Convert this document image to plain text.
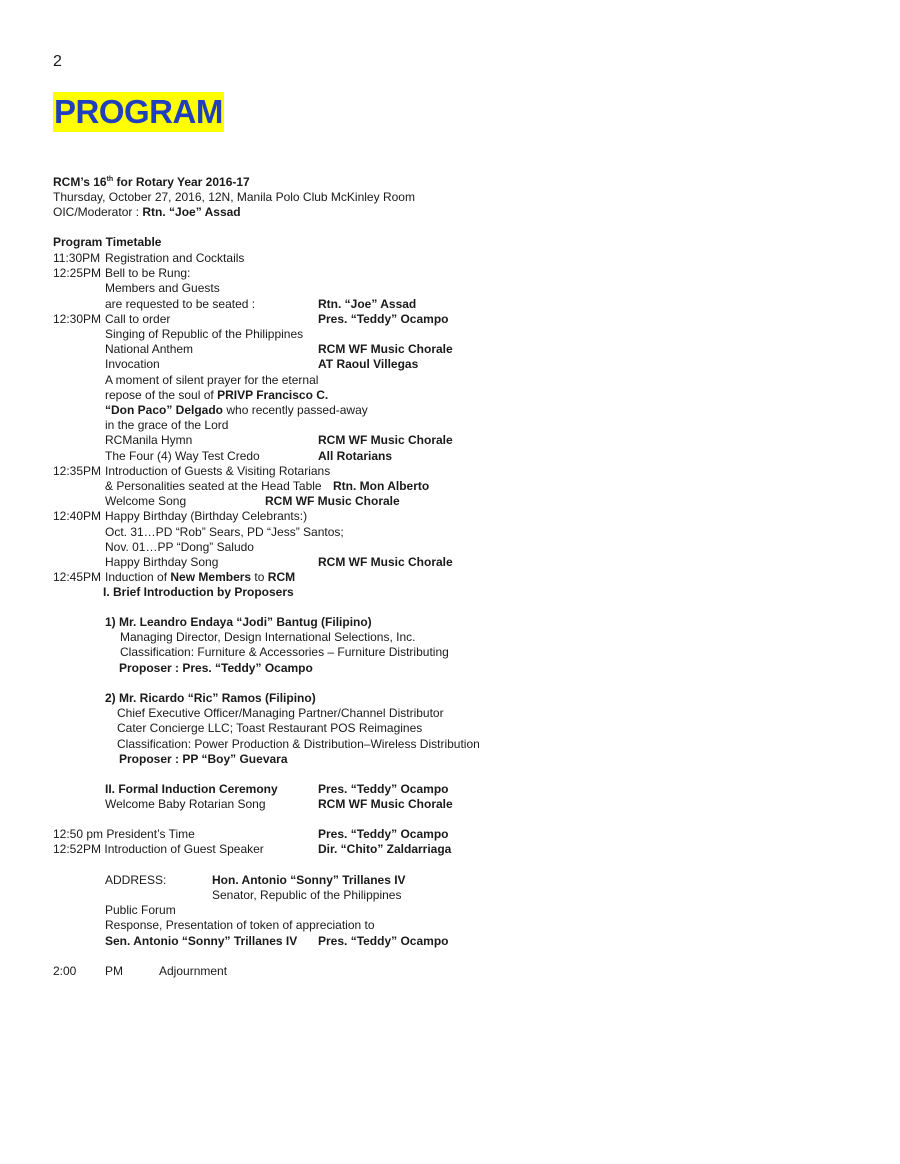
2
PROGRAM
RCM’s 16th for Rotary Year 2016-17
Thursday, October 27, 2016, 12N, Manila Polo Club McKinley Room
OIC/Moderator : Rtn. “Joe” Assad
Program Timetable
11:30PM Registration and Cocktails
12:25PM Bell to be Rung:
Members and Guests
are requested to be seated :	Rtn. “Joe” Assad
12:30PM Call to order	Pres. “Teddy” Ocampo
Singing of Republic of the Philippines
National Anthem	RCM WF Music Chorale
Invocation	AT Raoul Villegas
A moment of silent prayer for the eternal
repose of the soul of PRIVP Francisco C.
“Don Paco” Delgado who recently passed-away
in the grace of the Lord
RCManila Hymn	RCM WF Music Chorale
The Four (4) Way Test Credo	All Rotarians
12:35PM Introduction of Guests & Visiting Rotarians
& Personalities seated at the Head Table Rtn. Mon Alberto
Welcome Song	RCM WF Music Chorale
12:40PM Happy Birthday (Birthday Celebrants:)
Oct. 31…PD “Rob” Sears, PD “Jess” Santos;
Nov. 01…PP “Dong” Saludo
Happy Birthday Song	RCM WF Music Chorale
12:45PM Induction of New Members to RCM
I. Brief Introduction by Proposers
1) Mr. Leandro Endaya “Jodi” Bantug (Filipino)
Managing Director, Design International Selections, Inc.
Classification: Furniture & Accessories – Furniture Distributing
Proposer : Pres. “Teddy” Ocampo
2) Mr. Ricardo “Ric” Ramos (Filipino)
Chief Executive Officer/Managing Partner/Channel Distributor
Cater Concierge LLC; Toast Restaurant POS Reimagines
Classification: Power Production & Distribution–Wireless Distribution
Proposer : PP “Boy” Guevara
II. Formal Induction Ceremony	Pres. “Teddy” Ocampo
Welcome Baby Rotarian Song	RCM WF Music Chorale
12:50 pm President’s Time	Pres. “Teddy” Ocampo
12:52PM Introduction of Guest Speaker	Dir. “Chito” Zaldarriaga
ADDRESS:	Hon. Antonio “Sonny” Trillanes IV
Senator, Republic of the Philippines
Public Forum
Response, Presentation of token of appreciation to
Sen. Antonio “Sonny” Trillanes IV Pres. “Teddy” Ocampo
2:00 PM	Adjournment
